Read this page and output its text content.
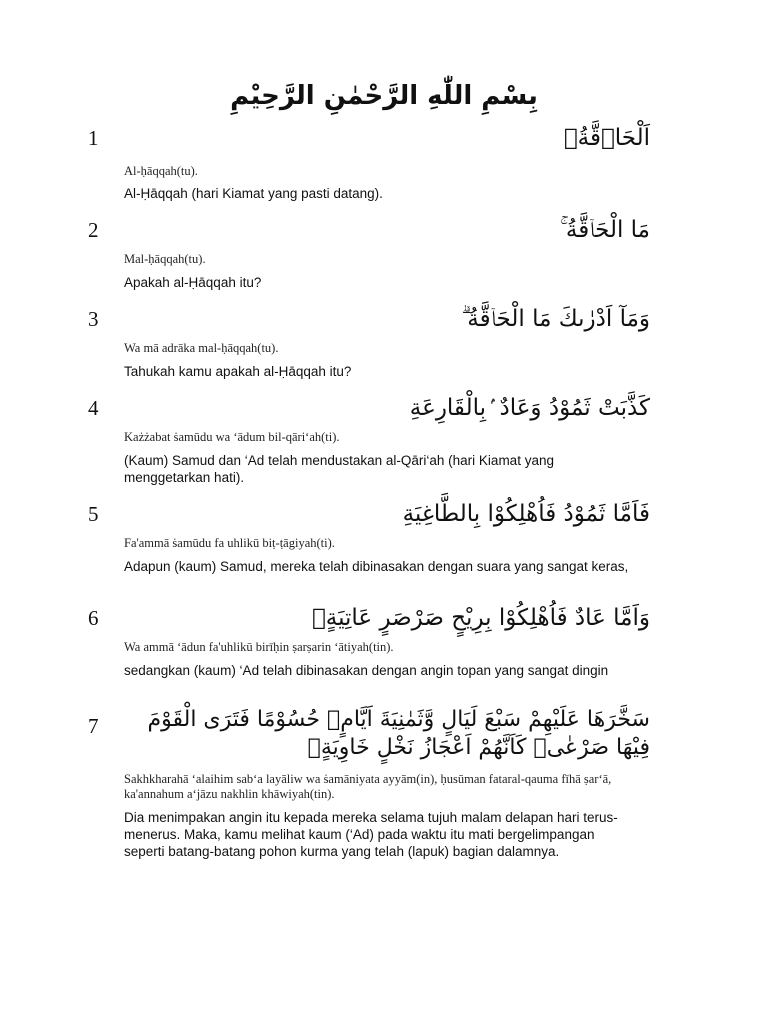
بِسْمِ اللّٰهِ الرَّحْمٰنِ الرَّحِيْمِ
1	اَلْحَاۤقَّةُۙ
Al-ḥāqqah(tu).
Al-Ḥāqqah (hari Kiamat yang pasti datang).
2	مَا الْحَاۤقَّةُ ۚ
Mal-ḥāqqah(tu).
Apakah al-Ḥāqqah itu?
3	وَمَآ اَدْرٰىكَ مَا الْحَاۤقَّةُ ۗ
Wa mā adrāka mal-ḥāqqah(tu).
Tahukah kamu apakah al-Ḥāqqah itu?
4	كَذَّبَتْ ثَمُوْدُ وَعَادٌ ۢبِالْقَارِعَةِ
Każżabat ṡamūdu wa ‘ādum bil-qāri‘ah(ti).
(Kaum) Samud dan ‘Ad telah mendustakan al-Qāri‘ah (hari Kiamat yang menggetarkan hati).
5	فَاَمَّا ثَمُوْدُ فَاُهْلِكُوْا بِالطَّاغِيَةِ
Fa'ammā ṡamūdu fa uhlikū biṭ-ṭāgiyah(ti).
Adapun (kaum) Samud, mereka telah dibinasakan dengan suara yang sangat keras,
6	وَاَمَّا عَادٌ فَاُهْلِكُوْا بِرِيْحٍ صَرْصَرٍ عَاتِيَةٍۙ
Wa ammā ‘ādun fa'uhlikū birīḥin ṣarṣarin ‘ātiyah(tin).
sedangkan (kaum) ‘Ad telah dibinasakan dengan angin topan yang sangat dingin
7	سَخَّرَهَا عَلَيْهِمْ سَبْعَ لَيَالٍ وَّثَمٰنِيَةَ اَيَّامٍۙ حُسُوْمًا فَتَرَى الْقَوْمَ فِيْهَا صَرْعٰىۙ كَاَنَّهُمْ اَعْجَازُ نَخْلٍ خَاوِيَةٍۚ
Sakhkharahā ‘alaihim sab‘a layāliw wa ṡamāniyata ayyām(in), ḥusūman fataral-qauma fīhā ṣar‘ā, ka'annahum a‘jāzu nakhlin khāwiyah(tin).
Dia menimpakan angin itu kepada mereka selama tujuh malam delapan hari terus-menerus. Maka, kamu melihat kaum (‘Ad) pada waktu itu mati bergelimpangan seperti batang-batang pohon kurma yang telah (lapuk) bagian dalamnya.
